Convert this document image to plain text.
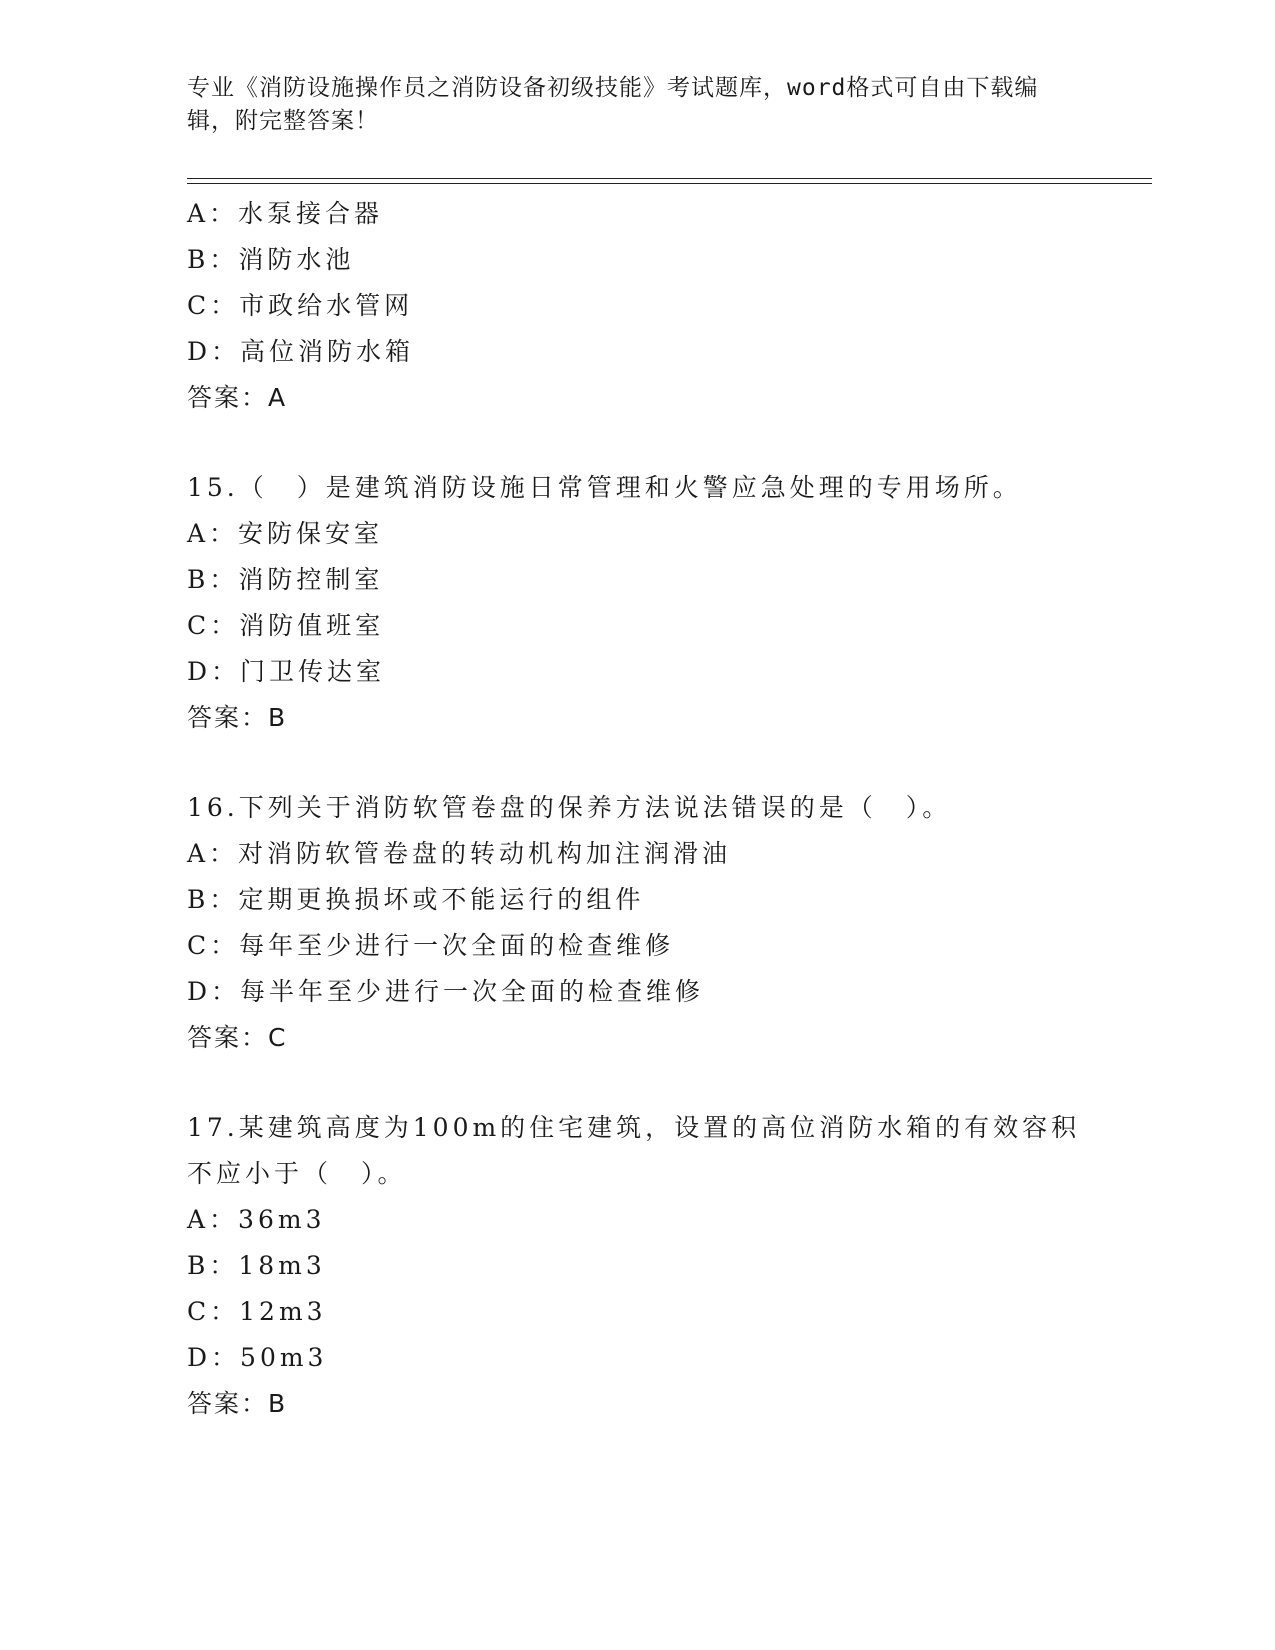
专业《消防设施操作员之消防设备初级技能》考试题库，word格式可自由下载编
辑，附完整答案！
A：水泵接合器
B：消防水池
C：市政给水管网
D：高位消防水箱
答案：A
15.（　）是建筑消防设施日常管理和火警应急处理的专用场所。
A：安防保安室
B：消防控制室
C：消防值班室
D：门卫传达室
答案：B
16.下列关于消防软管卷盘的保养方法说法错误的是（　）。
A：对消防软管卷盘的转动机构加注润滑油
B：定期更换损坏或不能运行的组件
C：每年至少进行一次全面的检查维修
D：每半年至少进行一次全面的检查维修
答案：C
17.某建筑高度为100m的住宅建筑，设置的高位消防水箱的有效容积
不应小于（　）。
A：36m3
B：18m3
C：12m3
D：50m3
答案：B
